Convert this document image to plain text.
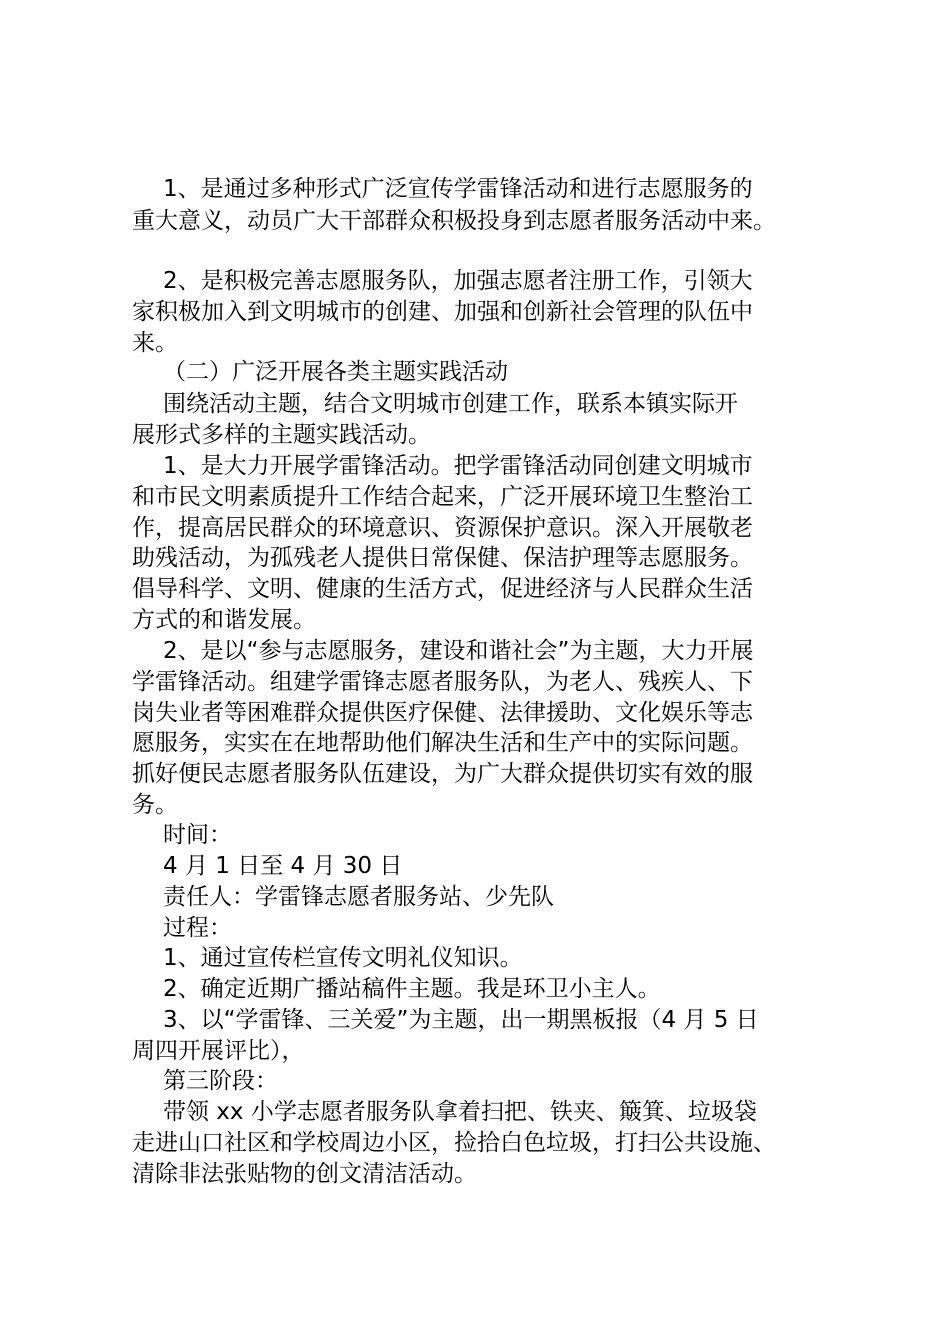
1、是通过多种形式广泛宣传学雷锋活动和进行志愿服务的

重大意义，动员广大干部群众积极投身到志愿者服务活动中来。

2、是积极完善志愿服务队，加强志愿者注册工作，引领大

家积极加入到文明城市的创建、加强和创新社会管理的队伍中

来。

（二）广泛开展各类主题实践活动

围绕活动主题，结合文明城市创建工作，联系本镇实际开

展形式多样的主题实践活动。

1、是大力开展学雷锋活动。把学雷锋活动同创建文明城市

和市民文明素质提升工作结合起来，广泛开展环境卫生整治工

作，提高居民群众的环境意识、资源保护意识。深入开展敬老

助残活动，为孤残老人提供日常保健、保洁护理等志愿服务。

倡导科学、文明、健康的生活方式，促进经济与人民群众生活

方式的和谐发展。

2、是以“参与志愿服务，建设和谐社会”为主题，大力开展

学雷锋活动。组建学雷锋志愿者服务队，为老人、残疾人、下

岗失业者等困难群众提供医疗保健、法律援助、文化娱乐等志

愿服务，实实在在地帮助他们解决生活和生产中的实际问题。

抓好便民志愿者服务队伍建设，为广大群众提供切实有效的服

务。

时间：

4 月 1 日至 4 月 30 日

责任人：学雷锋志愿者服务站、少先队

过程：

1、通过宣传栏宣传文明礼仪知识。

2、确定近期广播站稿件主题。我是环卫小主人。

3、以“学雷锋、三关爱”为主题，出一期黑板报（4 月 5 日

周四开展评比），

第三阶段：

带领 xx 小学志愿者服务队拿着扫把、铁夹、簸箕、垃圾袋

走进山口社区和学校周边小区，捡拾白色垃圾，打扫公共设施、

清除非法张贴物的创文清洁活动。
